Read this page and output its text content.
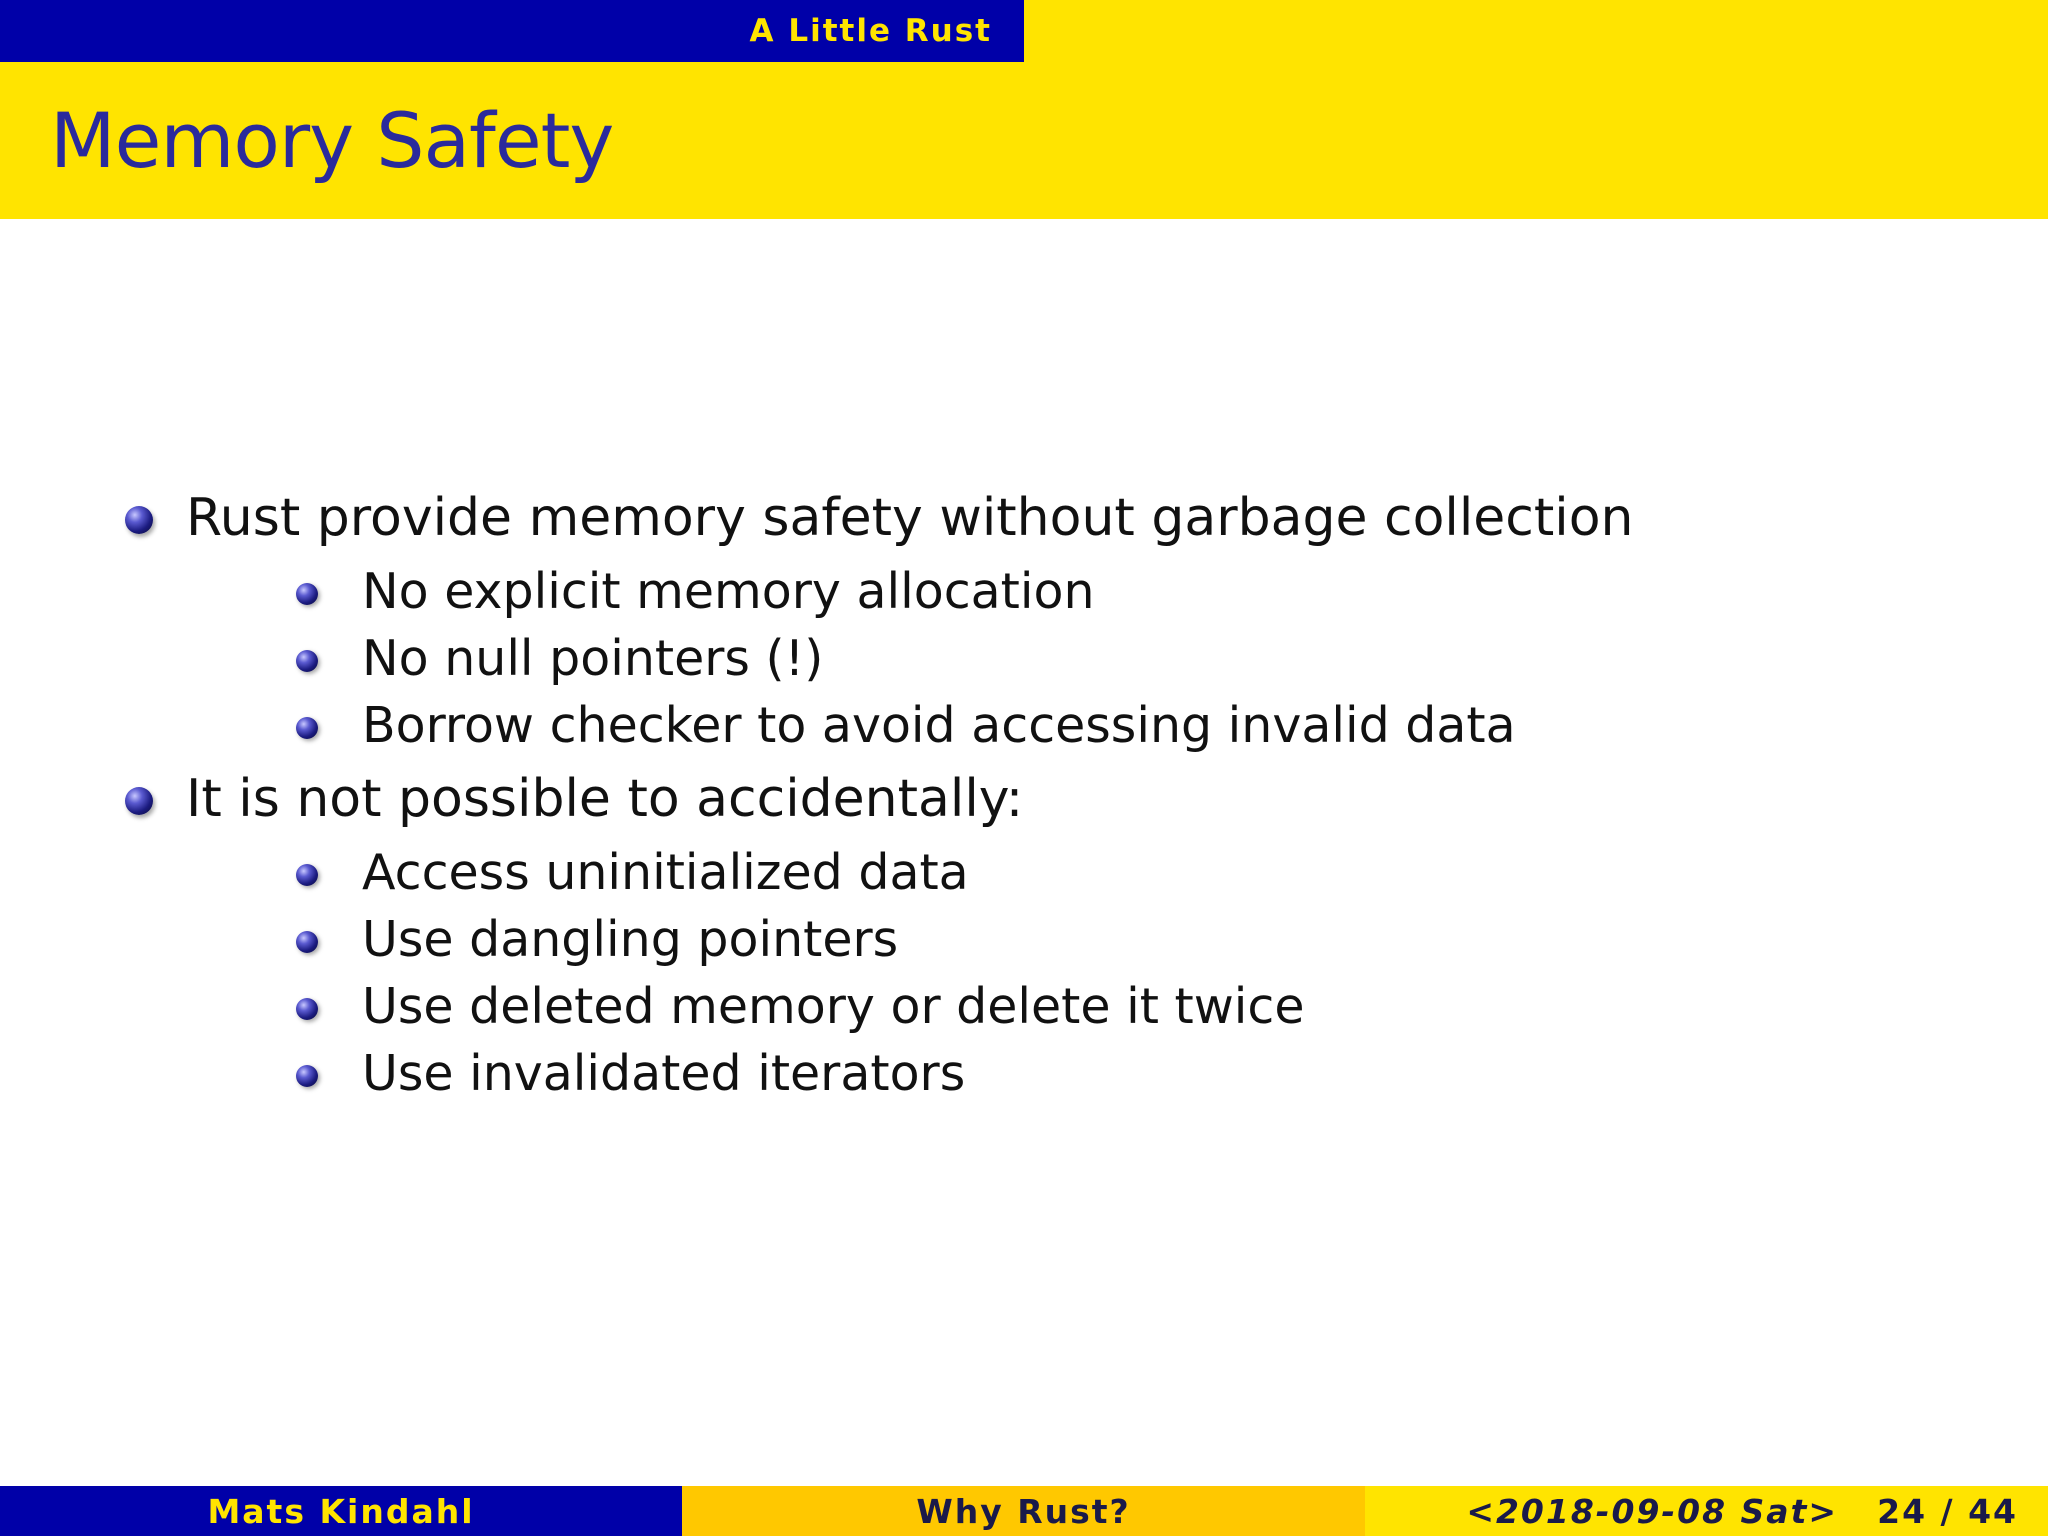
A Little Rust
Memory Safety
Rust provide memory safety without garbage collection
No explicit memory allocation
No null pointers (!)
Borrow checker to avoid accessing invalid data
It is not possible to accidentally:
Access uninitialized data
Use dangling pointers
Use deleted memory or delete it twice
Use invalidated iterators
Mats Kindahl	Why Rust?	<2018-09-08 Sat> 24 / 44
